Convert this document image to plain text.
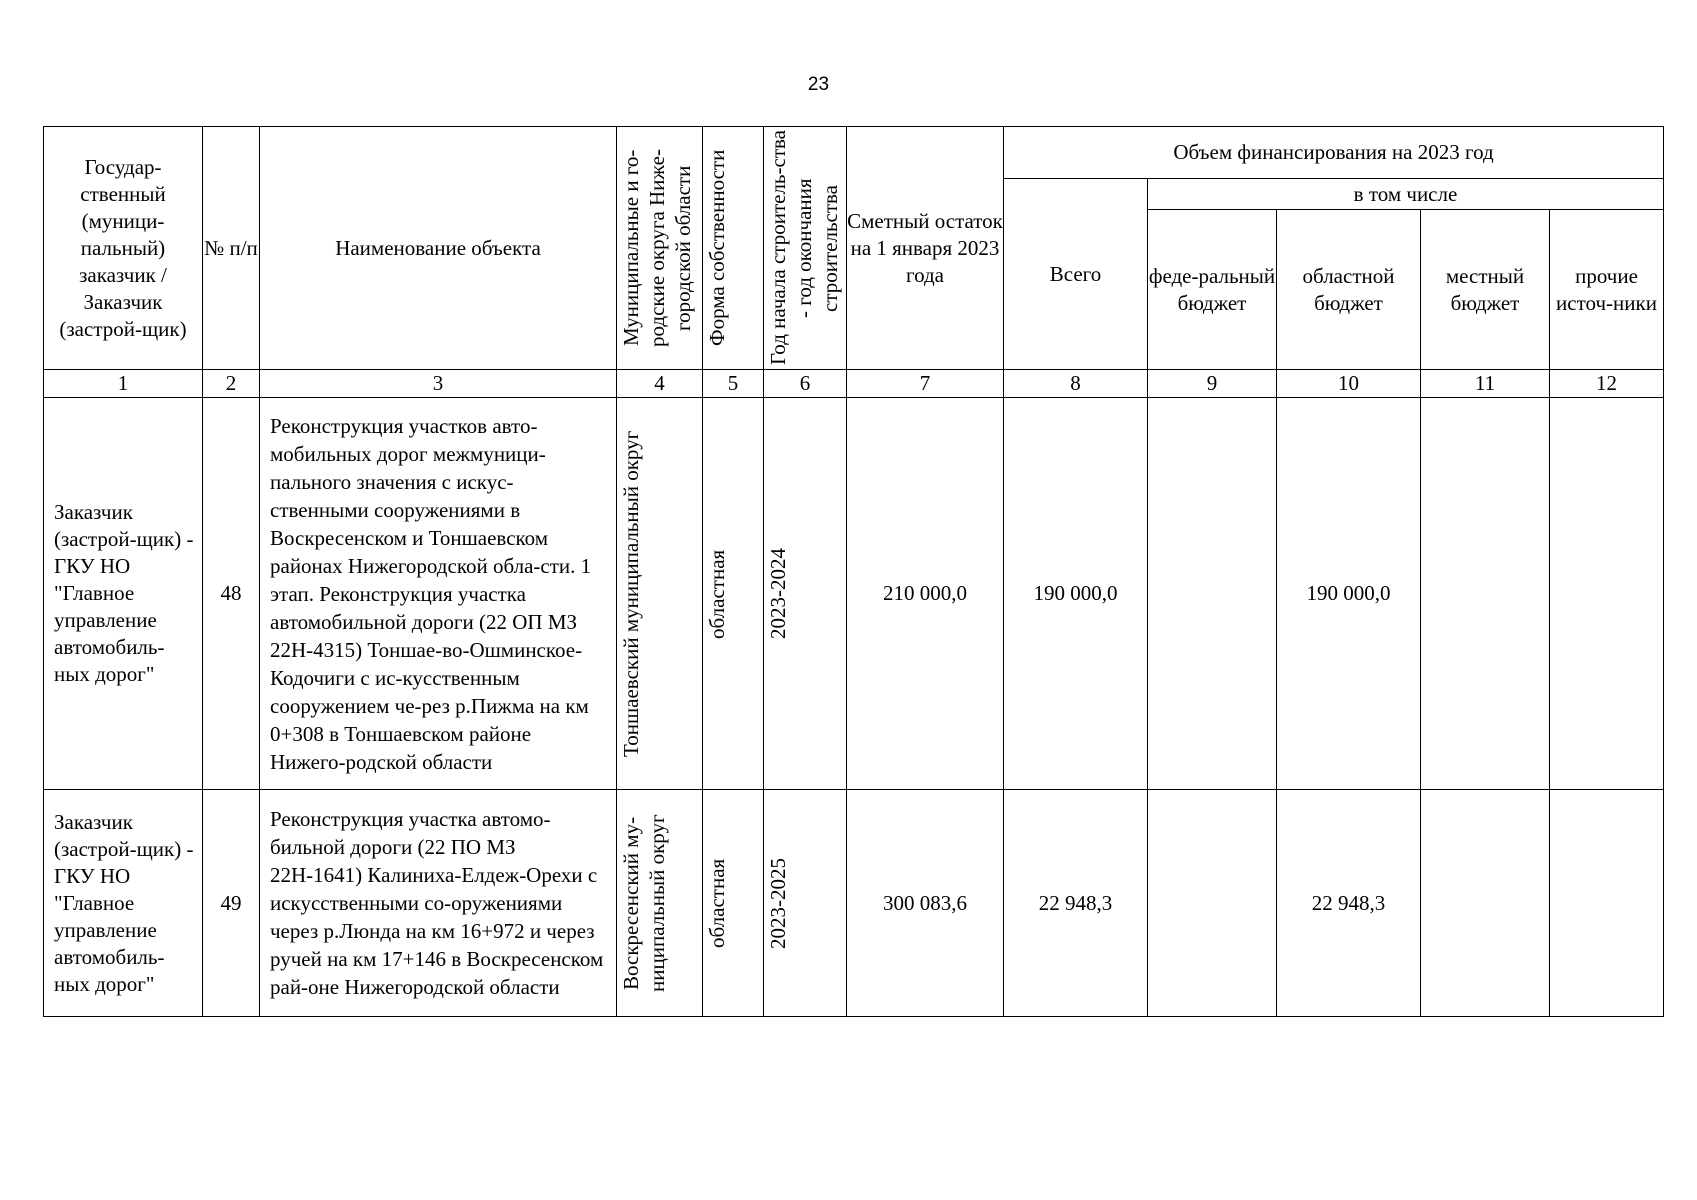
23
Государ-ственный (муници-пальный) заказчик / Заказчик (застрой-щик)	№ п/п	Наименование объекта	Муниципальные и го-родские округа Ниже-городской области	Форма собственности	Год начала строитель-ства - год окончания строительства	Сметный остаток на 1 января 2023 года	Объем финансирования на 2023 год				
							Всего	в том числе			
								феде-ральный бюджет	областной бюджет	местный бюджет	прочие источ-ники
1	2	3	4	5	6	7	8	9	10	11	12
Заказчик (застрой-щик) - ГКУ НО "Главное управление автомобиль-ных дорог"	48	Реконструкция участков авто-мобильных дорог межмуници-пального значения с искус-ственными сооружениями в Воскресенском и Тоншаевском районах Нижегородской обла-сти. 1 этап. Реконструкция участка автомобильной дороги (22 ОП МЗ 22Н-4315) Тоншае-во-Ошминское-Кодочиги с ис-кусственным сооружением че-рез р.Пижма на км 0+308 в Тоншаевском районе Нижего-родской области	Тоншаевский муниципальный округ	областная	2023-2024	210 000,0	190 000,0		190 000,0		
Заказчик (застрой-щик) - ГКУ НО "Главное управление автомобиль-ных дорог"	49	Реконструкция участка автомо-бильной дороги (22 ПО МЗ 22Н-1641) Калиниха-Елдеж-Орехи с искусственными со-оружениями через р.Люнда на км 16+972 и через ручей на км 17+146 в Воскресенском рай-оне Нижегородской области	Воскресенский му-ниципальный округ	областная	2023-2025	300 083,6	22 948,3		22 948,3		
